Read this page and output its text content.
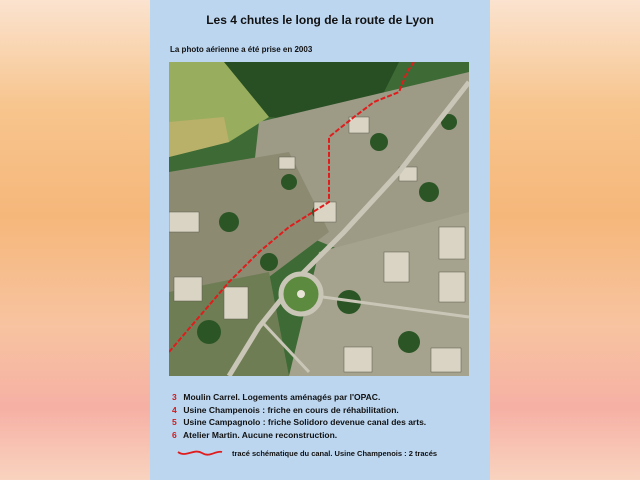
Les 4 chutes le long de la route de Lyon
La photo aérienne a été prise en 2003
3 Moulin Carrel. Logements aménagés par l'OPAC.
4 Usine Champenois : friche en cours de réhabilitation.
5 Usine Campagnolo : friche Solidoro devenue canal des arts.
6 Atelier Martin. Aucune reconstruction.
tracé schématique du canal. Usine Champenois : 2 tracés
